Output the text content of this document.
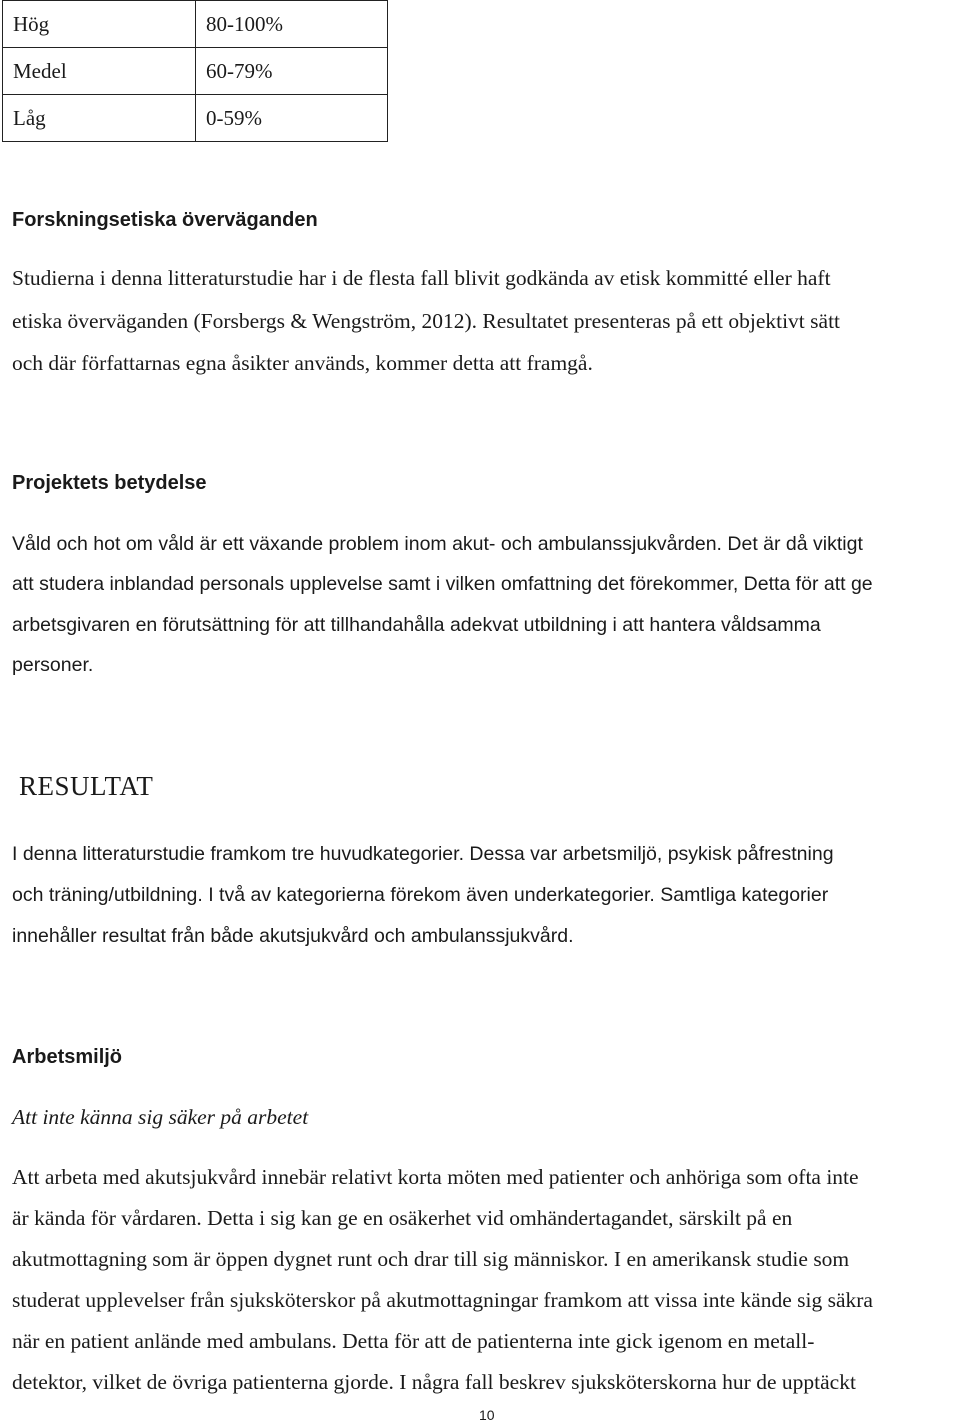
Hög	80-100%
Medel	60-79%
Låg	0-59%
Forskningsetiska överväganden
Studierna i denna litteraturstudie har i de flesta fall blivit godkända av etisk kommitté eller haft
etiska överväganden (Forsbergs & Wengström, 2012). Resultatet presenteras på ett objektivt sätt
och där författarnas egna åsikter används, kommer detta att framgå.
Projektets betydelse
Våld och hot om våld är ett växande problem inom akut- och ambulanssjukvården. Det är då viktigt
att studera inblandad personals upplevelse samt i vilken omfattning det förekommer, Detta för att ge
arbetsgivaren en förutsättning för att tillhandahålla adekvat utbildning i att hantera våldsamma
personer.
RESULTAT
I denna litteraturstudie framkom tre huvudkategorier. Dessa var arbetsmiljö, psykisk påfrestning
och träning/utbildning. I två av kategorierna förekom även underkategorier. Samtliga kategorier
innehåller resultat från både akutsjukvård och ambulanssjukvård.
Arbetsmiljö
Att inte känna sig säker på arbetet
Att arbeta med akutsjukvård innebär relativt korta möten med patienter och anhöriga som ofta inte
är kända för vårdaren. Detta i sig kan ge en osäkerhet vid omhändertagandet, särskilt på en
akutmottagning som är öppen dygnet runt och drar till sig människor. I en amerikansk studie som
studerat upplevelser från sjuksköterskor på akutmottagningar framkom att vissa inte kände sig säkra
när en patient anlände med ambulans. Detta för att de patienterna inte gick igenom en metall-
detektor, vilket de övriga patienterna gjorde. I några fall beskrev sjuksköterskorna hur de upptäckt
10
